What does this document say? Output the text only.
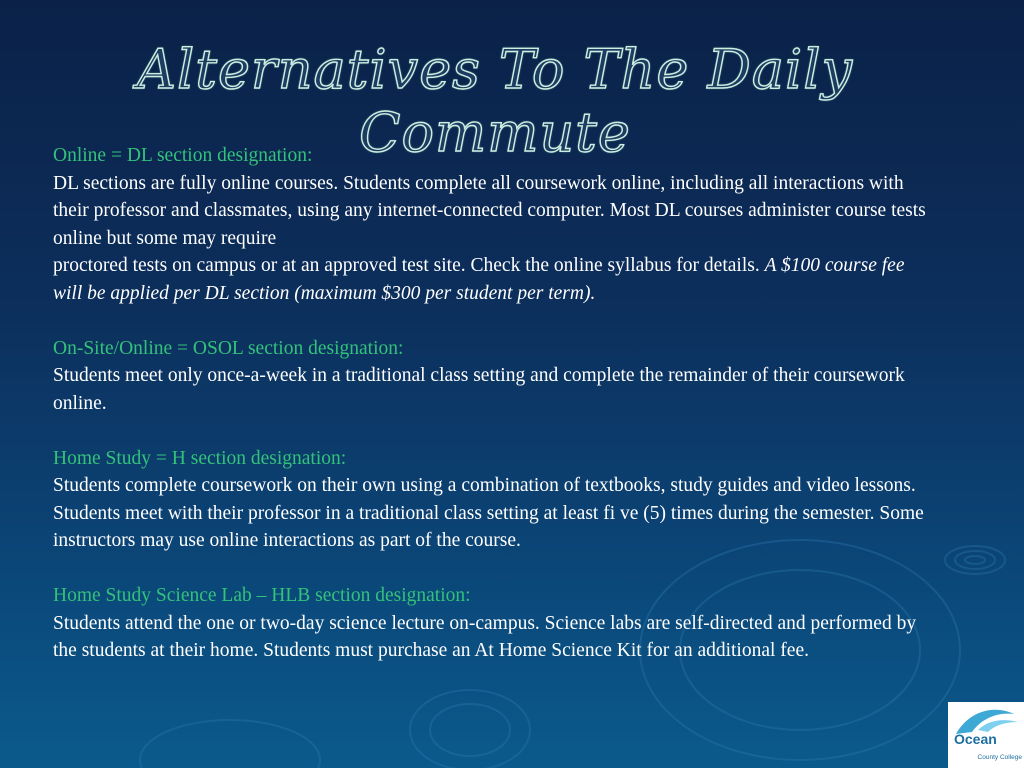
Alternatives To The Daily Commute

Online = DL section designation:

DL sections are fully online courses. Students complete all coursework online, including all interactions with their professor and classmates, using any internet-connected computer. Most DL courses administer course tests online but some may require

proctored tests on campus or at an approved test site. Check the online syllabus for details. A $100 course fee will be applied per DL section (maximum $300 per student per term).

On-Site/Online = OSOL section designation:

Students meet only once-a-week in a traditional class setting and complete the remainder of their coursework online.

Home Study = H section designation:

Students complete coursework on their own using a combination of textbooks, study guides and video lessons. Students meet with their professor in a traditional class setting at least fi ve (5) times during the semester. Some instructors may use online interactions as part of the course.

Home Study Science Lab – HLB section designation:

Students attend the one or two-day science lecture on-campus. Science labs are self-directed and performed by the students at their home. Students must purchase an At Home Science Kit for an additional fee.

Ocean
County College
